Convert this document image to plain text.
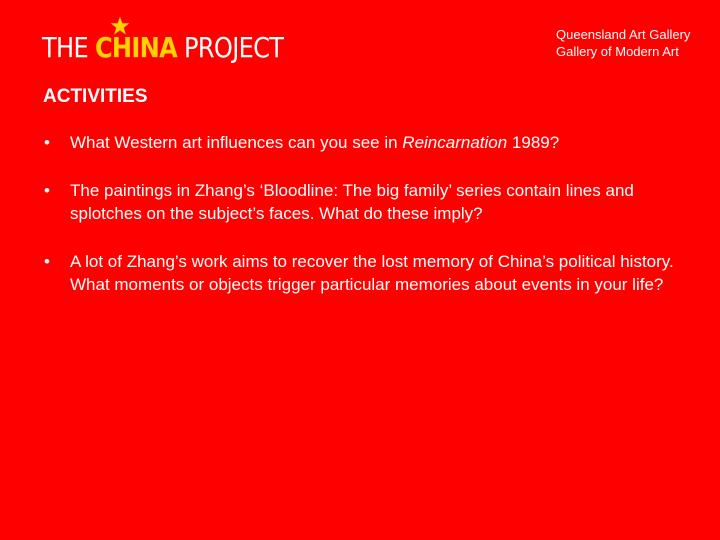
THE CHINA PROJECT	Queensland Art Gallery
Gallery of Modern Art
ACTIVITIES
• What Western art influences can you see in Reincarnation 1989?
• The paintings in Zhang’s ‘Bloodline: The big family’ series contain lines and splotches on the subject’s faces. What do these imply?
• A lot of Zhang’s work aims to recover the lost memory of China’s political history. What moments or objects trigger particular memories about events in your life?
